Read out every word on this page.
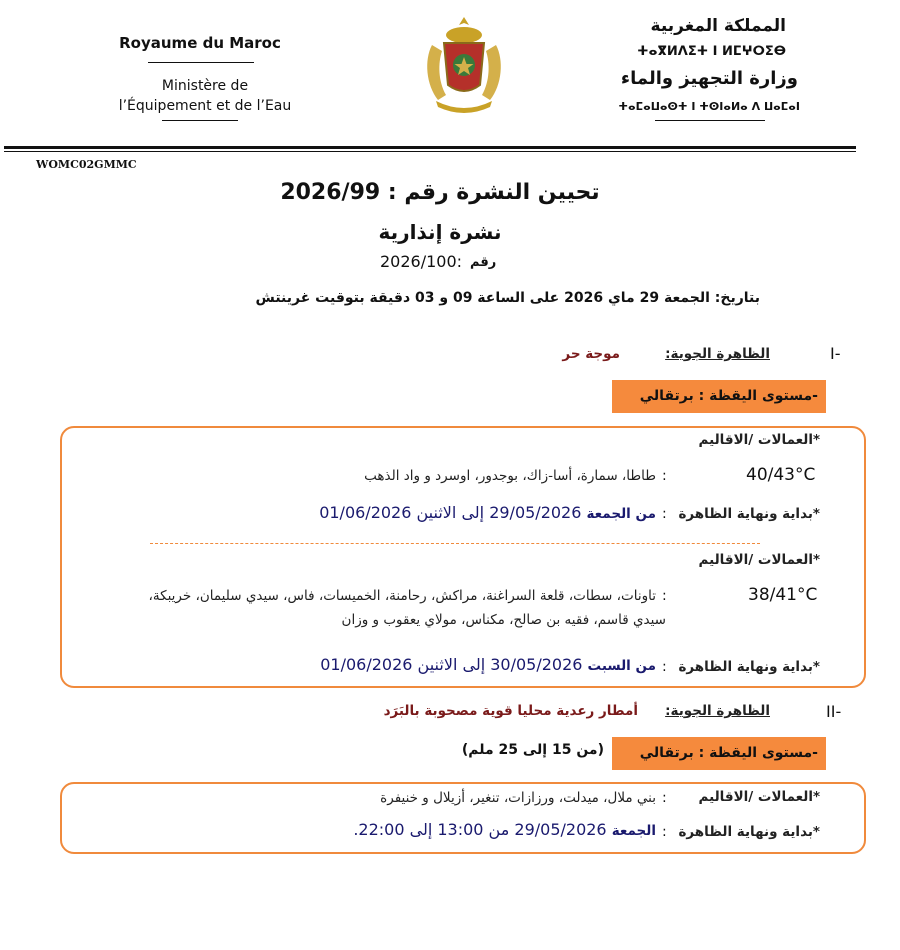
Royaume du Maroc
Ministère de
l’Équipement et de l’Eau
المملكة المغربية
ⵜⴰⴳⵍⴷⵉⵜ ⵏ ⵍⵎⵖⵔⵉⴱ
وزارة التجهيز والماء
ⵜⴰⵎⴰⵡⴰⵙⵜ ⵏ ⵜⵙⵏⴰⵍⴰ ⴷ ⵡⴰⵎⴰⵏ
WOMC02GMMC
تحيين النشرة رقم : 2026/99
نشرة إنذارية
رقم
2026/100:
بتاريخ: الجمعة 29 ماي 2026 على الساعة 09 و 03 دقيقة بتوقيت غرينتش
I-
الظاهرة الجوية:
موجة حر
-مستوى اليقظة : برتقالي
*العمالات /الاقاليم
40/43°C
:
طاطا، سمارة، أسا-زاك، بوجدور، اوسرد و واد الذهب
*بداية ونهاية الظاهرة
:
من الجمعة 29/05/2026 إلى الاثنين 01/06/2026
*العمالات /الاقاليم
38/41°C
:
تاونات، سطات، قلعة السراغنة، مراكش، رحامنة، الخميسات، فاس، سيدي سليمان، خريبكة،
سيدي قاسم، فقيه بن صالح، مكناس، مولاي يعقوب و وزان
*بداية ونهاية الظاهرة
:
من السبت 30/05/2026 إلى الاثنين 01/06/2026
II-
الظاهرة الجوية:
أمطار رعدية محليا قوية مصحوبة بالبَرَد
-مستوى اليقظة : برتقالي
(من 15 إلى 25 ملم)
*العمالات /الاقاليم
:
بني ملال، ميدلت، ورزازات، تنغير، أزيلال و خنيفرة
*بداية ونهاية الظاهرة
:
الجمعة 29/05/2026 من 13:00 إلى 22:00.
